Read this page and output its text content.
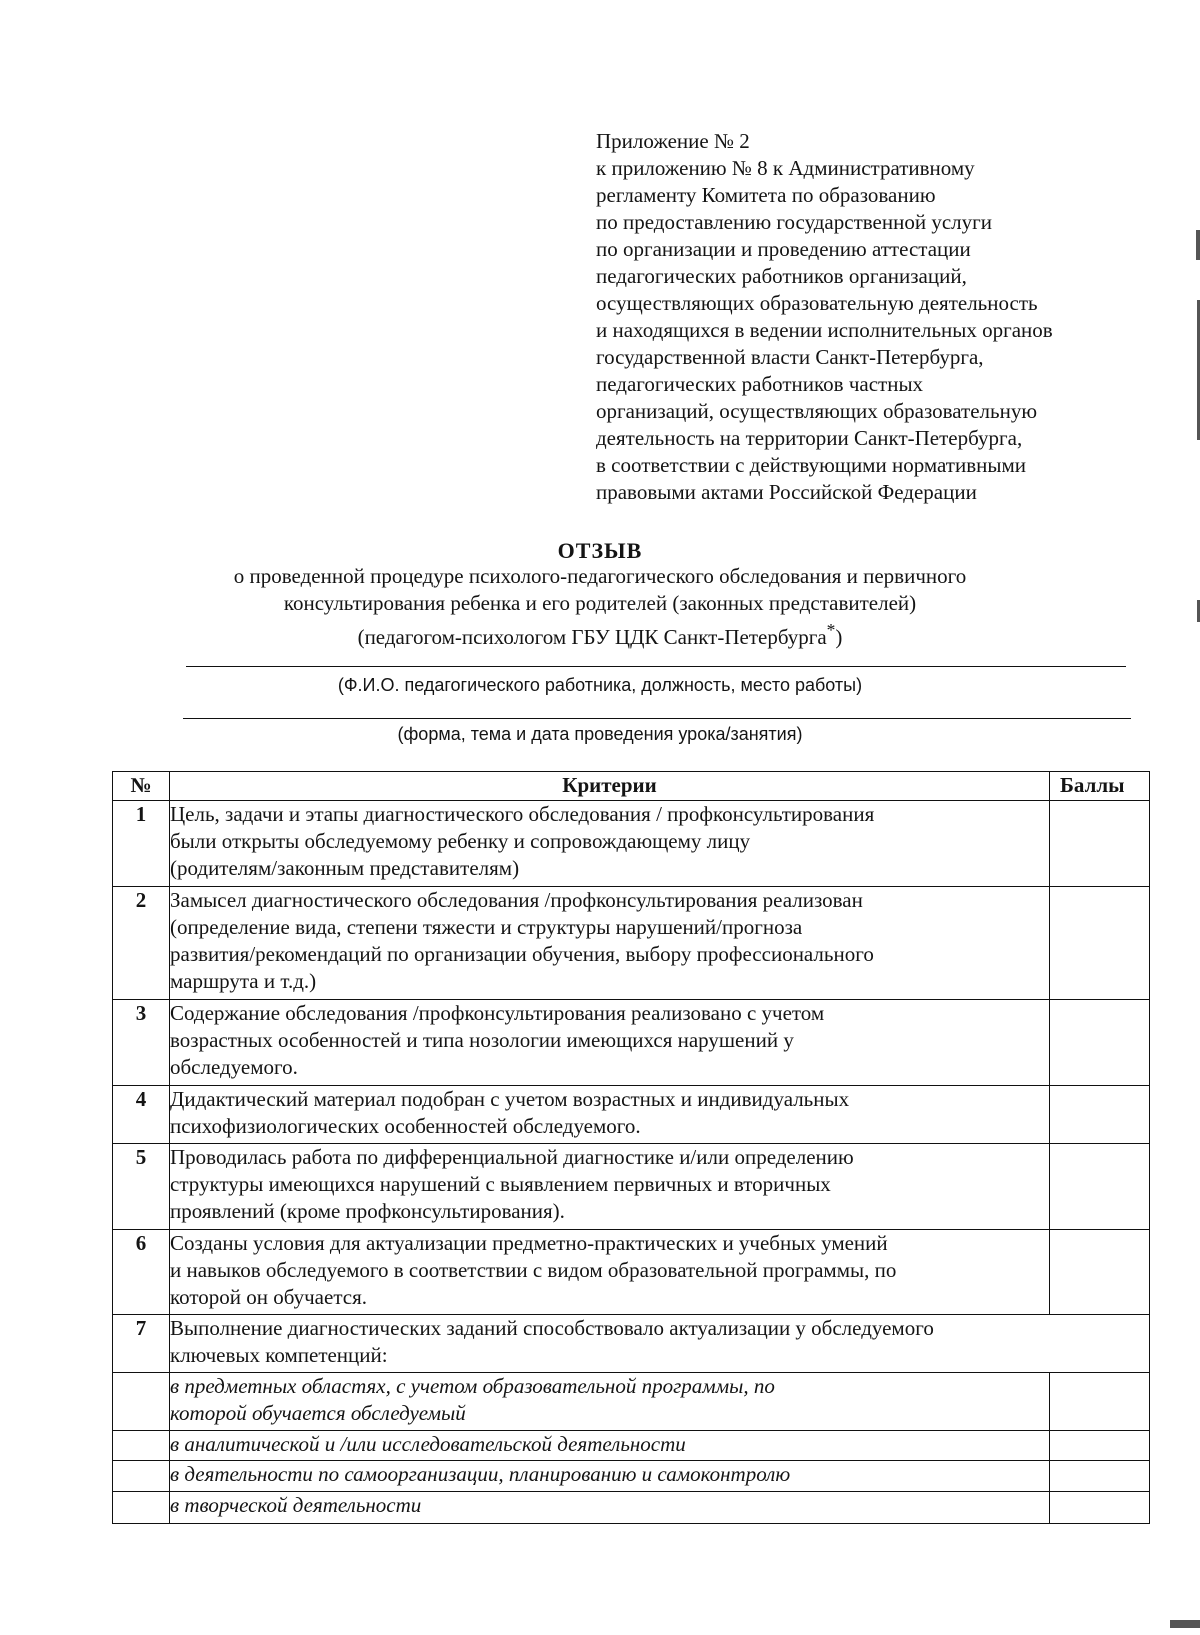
Приложение № 2
к приложению № 8 к Административному
регламенту Комитета по образованию
по предоставлению государственной услуги
по организации и проведению аттестации
педагогических работников организаций,
осуществляющих образовательную деятельность
и находящихся в ведении исполнительных органов
государственной власти Санкт-Петербурга,
педагогических работников частных
организаций, осуществляющих образовательную
деятельность на территории Санкт-Петербурга,
в соответствии с действующими нормативными
правовыми актами Российской Федерации
ОТЗЫВ
о проведенной процедуре психолого-педагогического обследования и первичного
консультирования ребенка и его родителей (законных представителей)
(педагогом-психологом ГБУ ЦДК Санкт-Петербурга*)
(Ф.И.О. педагогического работника, должность, место работы)
(форма, тема и дата проведения урока/занятия)
№	Критерии	Баллы
1	Цель, задачи и этапы диагностического обследования / профконсультирования
были открыты обследуемому ребенку и сопровождающему лицу
(родителям/законным представителям)	

2	Замысел диагностического обследования /профконсультирования реализован
(определение вида, степени тяжести и структуры нарушений/прогноза
развития/рекомендаций по организации обучения, выбору профессионального
маршрута и т.д.)	

3	Содержание обследования /профконсультирования реализовано с учетом
возрастных особенностей и типа нозологии имеющихся нарушений у
обследуемого.	

4	Дидактический материал подобран с учетом возрастных и индивидуальных
психофизиологических особенностей обследуемого.	

5	Проводилась работа по дифференциальной диагностике и/или определению
структуры имеющихся нарушений с выявлением первичных и вторичных
проявлений (кроме профконсультирования).	

6	Созданы условия для актуализации предметно-практических и учебных умений
и навыков обследуемого в соответствии с видом образовательной программы, по
которой он обучается.	

7	Выполнение диагностических заданий способствовало актуализации у обследуемого
ключевых компетенций:	

	в предметных областях, с учетом образовательной программы, по
которой обучается обследуемый	

	в аналитической и /или исследовательской деятельности	

	в деятельности по самоорганизации, планированию и самоконтролю	

	в творческой деятельности	
